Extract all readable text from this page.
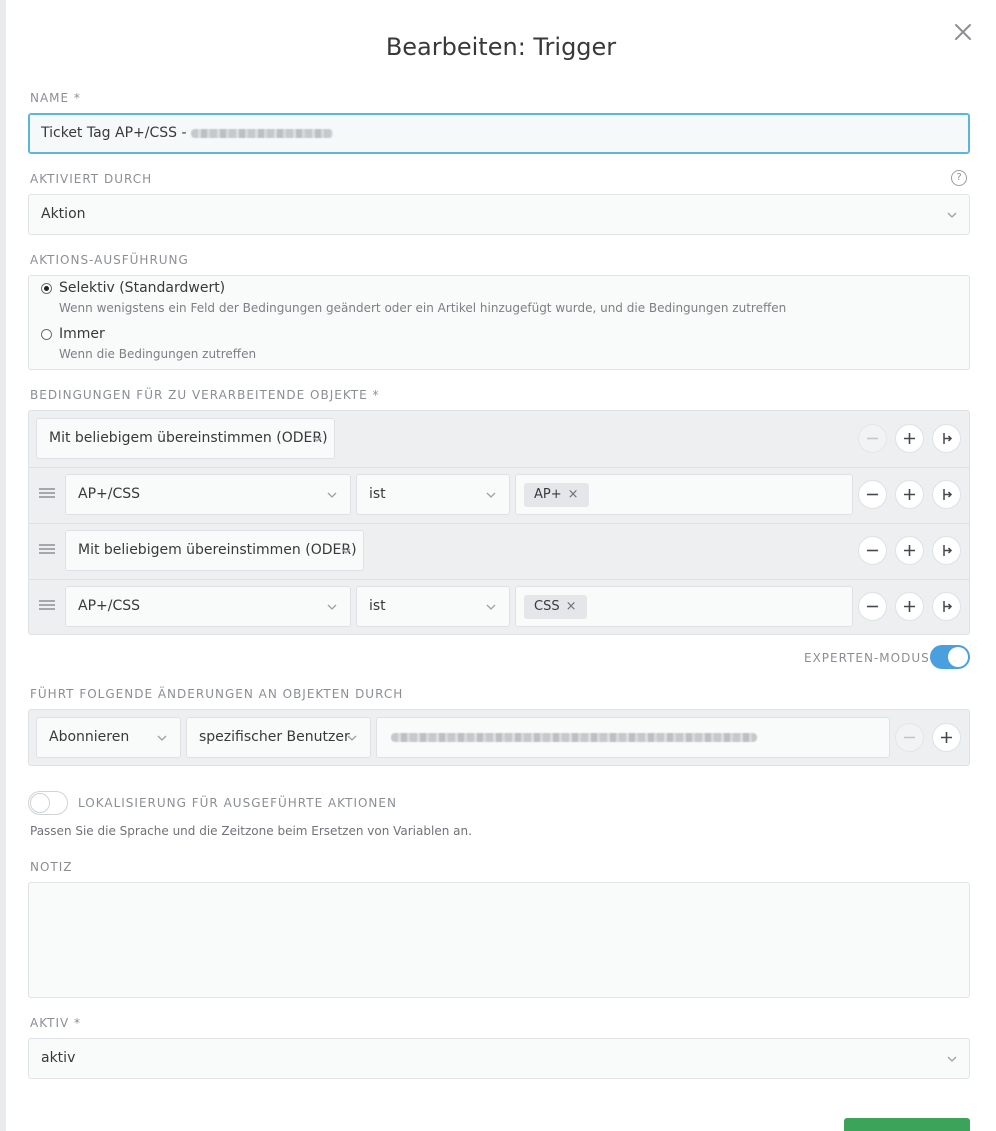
Bearbeiten: Trigger
NAME *
Ticket Tag AP+/CSS -
AKTIVIERT DURCH	?
Aktion
AKTIONS-AUSFÜHRUNG
Selektiv (Standardwert)
Wenn wenigstens ein Feld der Bedingungen geändert oder ein Artikel hinzugefügt wurde, und die Bedingungen zutreffen
Immer
Wenn die Bedingungen zutreffen
BEDINGUNGEN FÜR ZU VERARBEITENDE OBJEKTE *
Mit beliebigem übereinstimmen (ODER)
AP+/CSS	ist	AP+ ×
Mit beliebigem übereinstimmen (ODER)
AP+/CSS	ist	CSS ×
EXPERTEN-MODUS
FÜHRT FOLGENDE ÄNDERUNGEN AN OBJEKTEN DURCH
Abonnieren	spezifischer Benutzer
LOKALISIERUNG FÜR AUSGEFÜHRTE AKTIONEN
Passen Sie die Sprache und die Zeitzone beim Ersetzen von Variablen an.
NOTIZ
AKTIV *
aktiv
